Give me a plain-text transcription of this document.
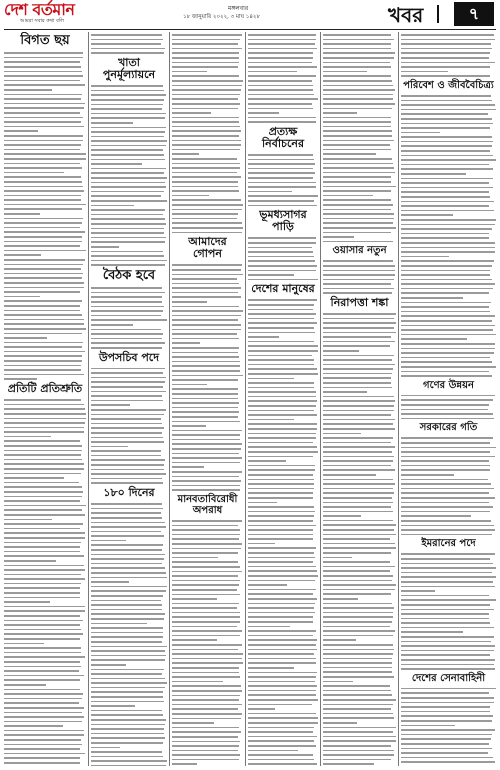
দেশ বর্তমান
আমরা সবার কথা বলি
মঙ্গলবার
১৮ জানুয়ারি ২০২২, ৩ মাঘ ১৪২৮	খবর	৭
বিগত ছয়
প্রতিটি প্রতিশ্রুতি
খাতা পুনর্মূল্যায়নে
বৈঠক হবে
উপসচিব পদে
১৮০ দিনের
আমাদের গোপন
মানবতাবিরোধী অপরাধ
প্রত্যক্ষ নির্বাচনের
ভূমধ্যসাগর পাড়ি
দেশের মানুষের
ওয়াসার নতুন
নিরাপত্তা শঙ্কা
পরিবেশ ও জীববৈচিত্র্য
গণের উন্নয়ন
সরকারের গতি
ইমরানের পদে
দেশের সেনাবাহিনী
